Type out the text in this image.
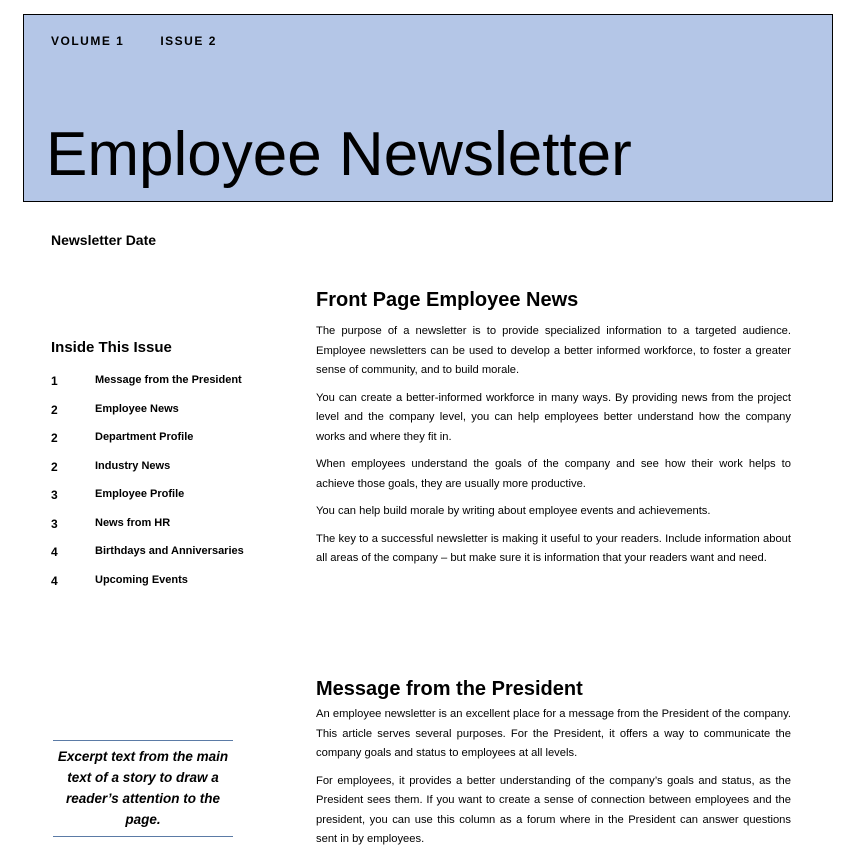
VOLUME 1	ISSUE 2
Employee Newsletter
Newsletter Date
Inside This Issue
1	Message from the President
2	Employee News
2	Department Profile
2	Industry News
3	Employee Profile
3	News from HR
4	Birthdays and Anniversaries
4	Upcoming Events
Excerpt text from the main text of a story to draw a reader’s attention to the page.
Front Page Employee News

The purpose of a newsletter is to provide specialized information to a targeted audience. Employee newsletters can be used to develop a better informed workforce, to foster a greater sense of community, and to build morale.

You can create a better-informed workforce in many ways. By providing news from the project level and the company level, you can help employees better understand how the company works and where they fit in.

When employees understand the goals of the company and see how their work helps to achieve those goals, they are usually more productive.

You can help build morale by writing about employee events and achievements.

The key to a successful newsletter is making it useful to your readers. Include information about all areas of the company – but make sure it is information that your readers want and need.

Message from the President

An employee newsletter is an excellent place for a message from the President of the company. This article serves several purposes. For the President, it offers a way to communicate the company goals and status to employees at all levels.

For employees, it provides a better understanding of the company’s goals and status, as the President sees them. If you want to create a sense of connection between employees and the president, you can use this column as a forum where in the President can answer questions sent in by employees.
